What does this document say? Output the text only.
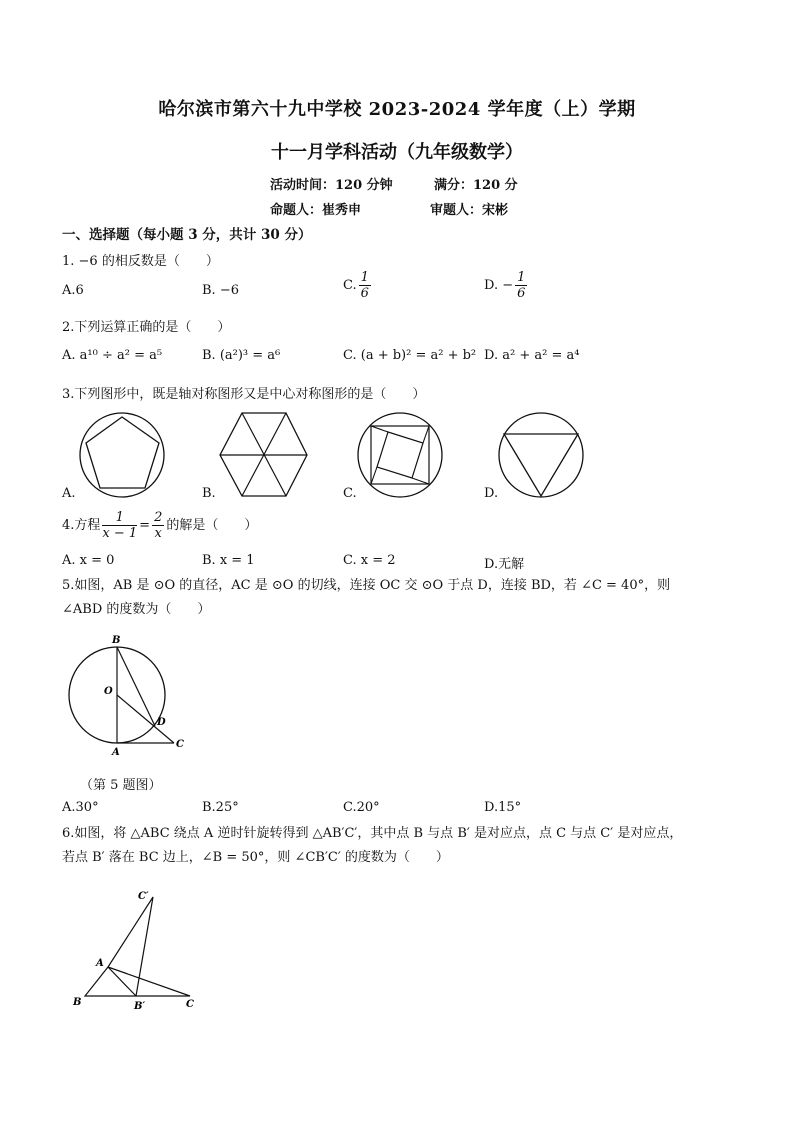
哈尔滨市第六十九中学校 2023-2024 学年度（上）学期
十一月学科活动（九年级数学）
活动时间：120 分钟	满分：120 分
命题人：崔秀申	审题人：宋彬
一、选择题（每小题 3 分，共计 30 分）
1. −6 的相反数是（　　）
A.6	B. −6	C. $\frac{1}{6}$	D. − $\frac{1}{6}$
2.下列运算正确的是（　　）
A. a¹⁰ ÷ a² = a⁵	B. (a²)³ = a⁶	C. (a + b)² = a² + b² D. a² + a² = a⁴
3.下列图形中，既是轴对称图形又是中心对称图形的是（　　）
A.	B.	C.	D.
4.方程 $\frac{1}{x - 1} = \frac{2}{x}$ 的解是（　　）
A. x = 0	B. x = 1	C. x = 2	D.无解
5.如图，AB 是 ⊙O 的直径，AC 是 ⊙O 的切线，连接 OC 交 ⊙O 于点 D，连接 BD，若 ∠C = 40°，则
∠ABD 的度数为（　　）
B
O
D
A
C
（第 5 题图）
A.30°	B.25°	C.20°	D.15°
6.如图，将 △ABC 绕点 A 逆时针旋转得到 △AB′C′，其中点 B 与点 B′ 是对应点，点 C 与点 C′ 是对应点，
若点 B′ 落在 BC 边上，∠B = 50°，则 ∠CB′C′ 的度数为（　　）
C′
A
B	B′	C
